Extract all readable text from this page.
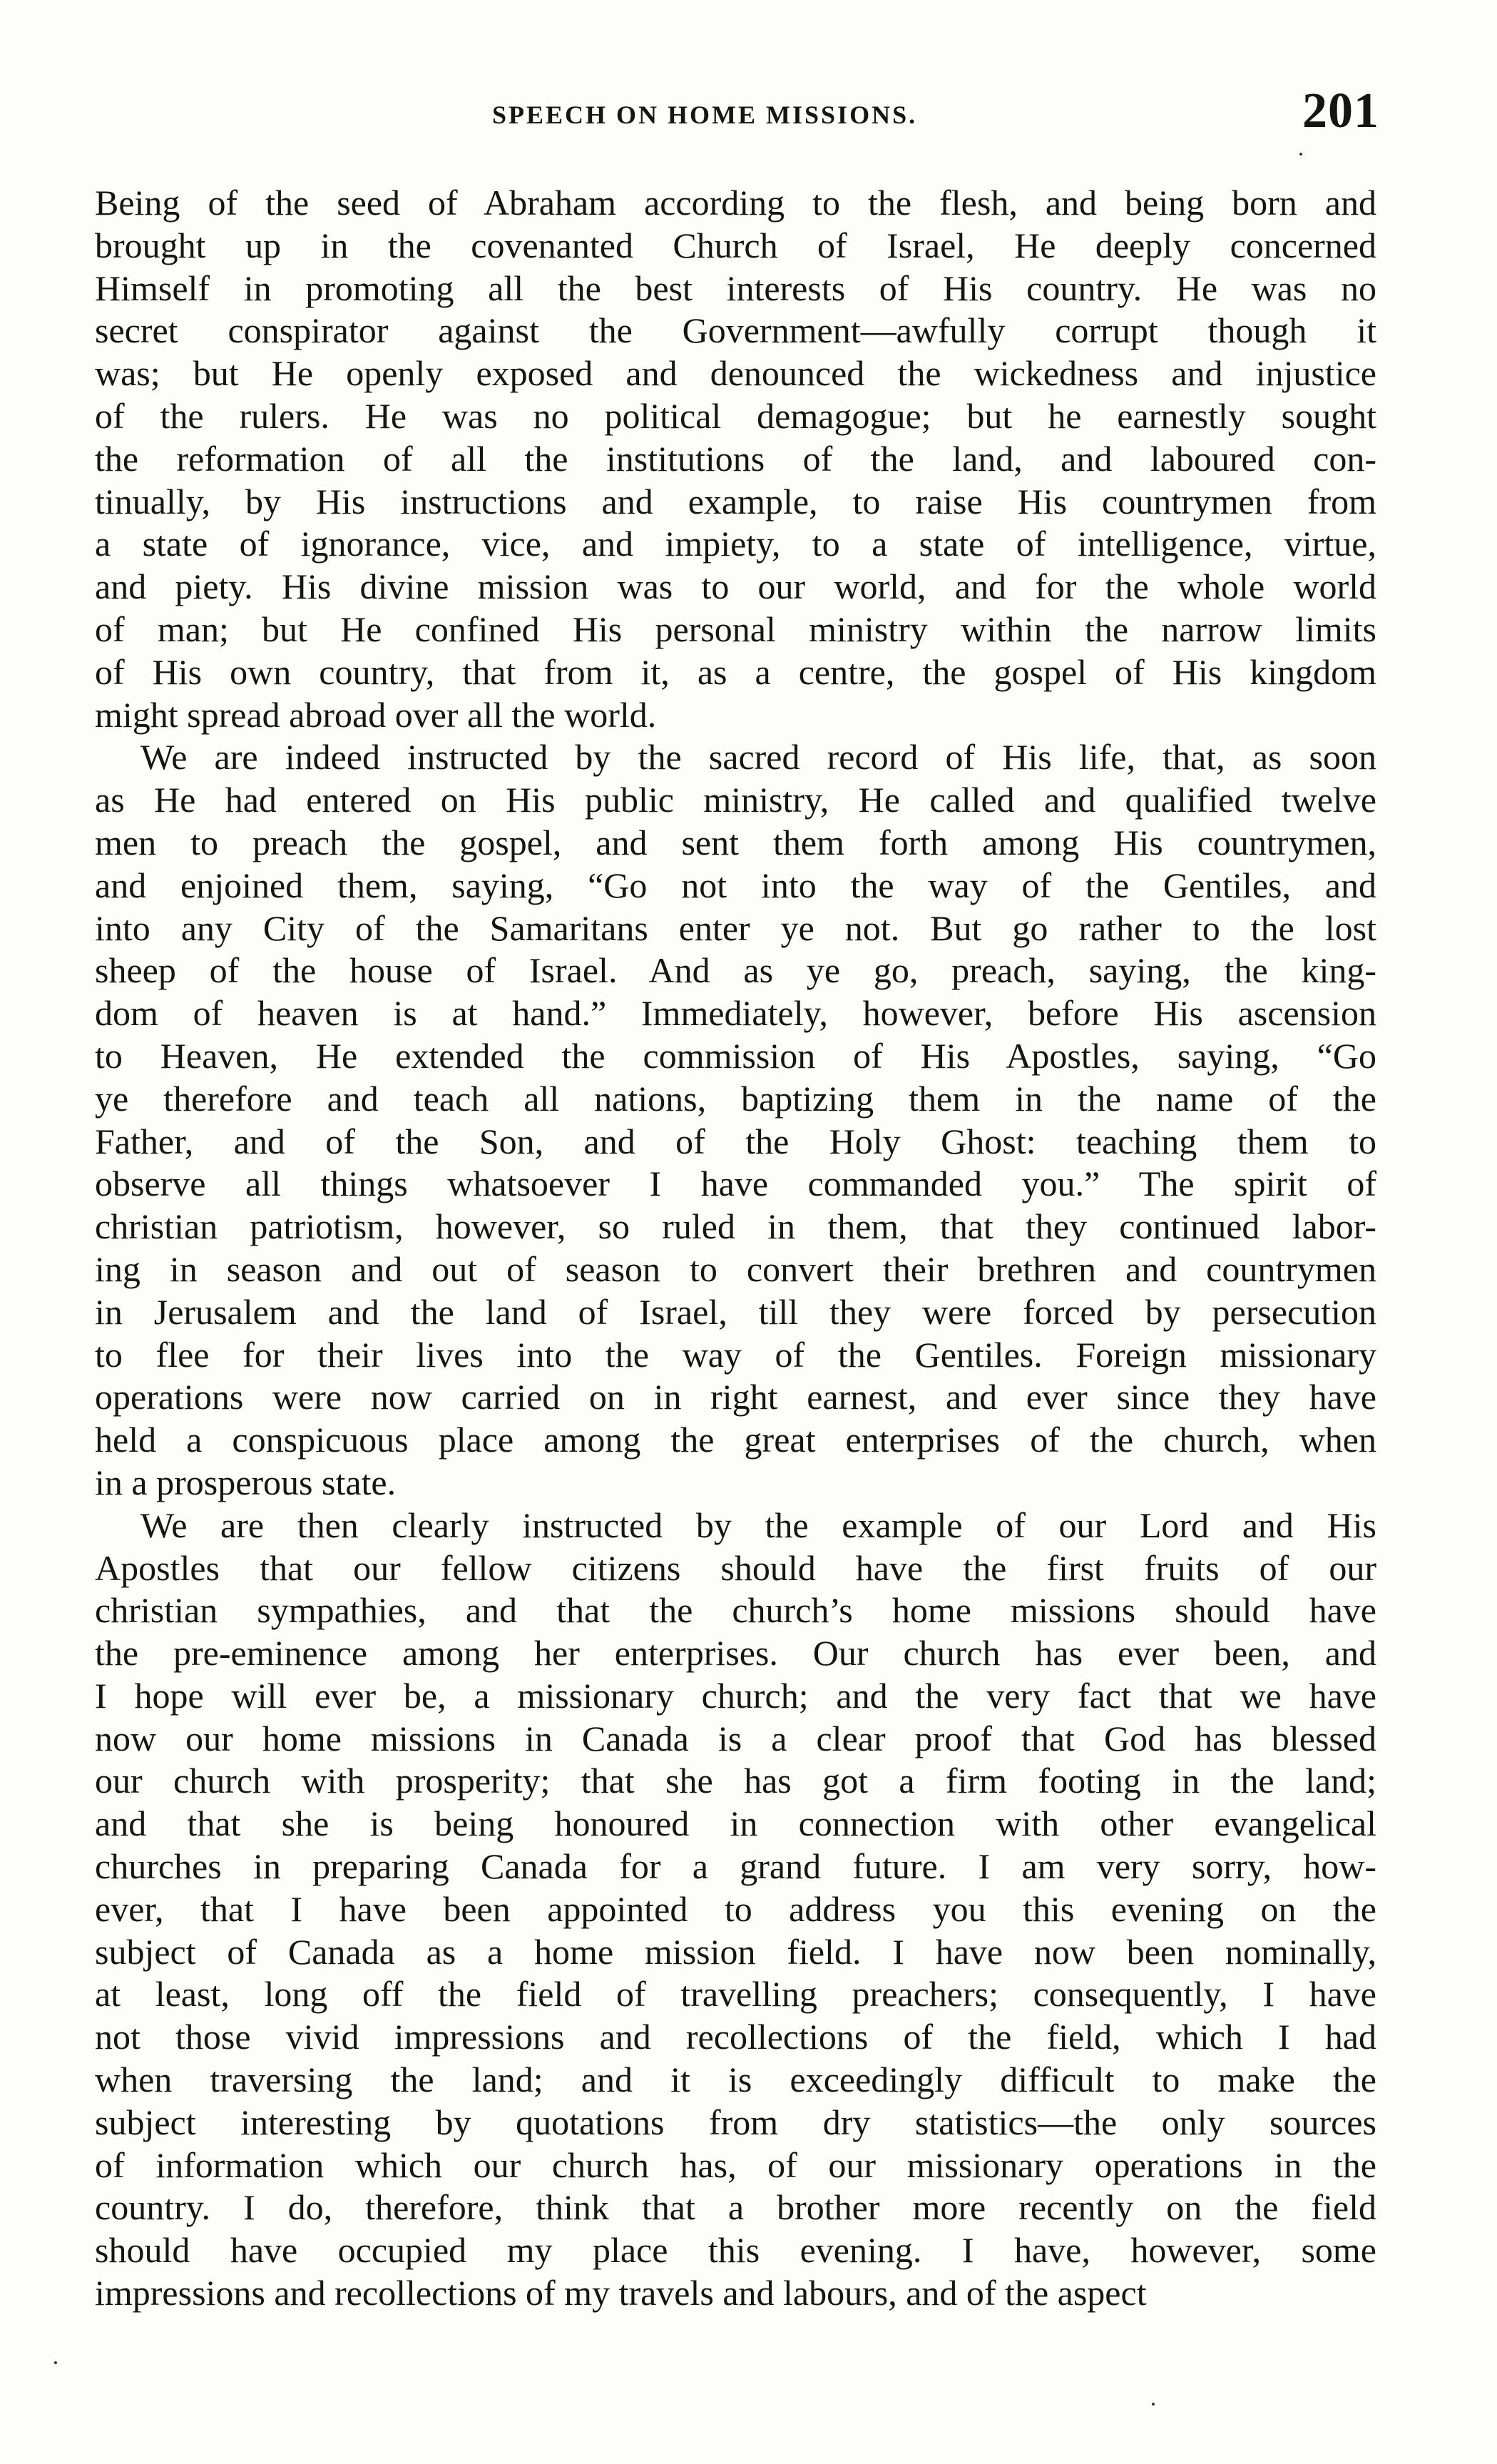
SPEECH ON HOME MISSIONS.	201
Being of the seed of Abraham according to the flesh, and being born and
brought up in the covenanted Church of Israel, He deeply concerned
Himself in promoting all the best interests of His country. He was no
secret conspirator against the Government—awfully corrupt though it
was; but He openly exposed and denounced the wickedness and injustice
of the rulers. He was no political demagogue; but he earnestly sought
the reformation of all the institutions of the land, and laboured con-
tinually, by His instructions and example, to raise His countrymen from
a state of ignorance, vice, and impiety, to a state of intelligence, virtue,
and piety. His divine mission was to our world, and for the whole world
of man; but He confined His personal ministry within the narrow limits
of His own country, that from it, as a centre, the gospel of His kingdom
might spread abroad over all the world.
We are indeed instructed by the sacred record of His life, that, as soon
as He had entered on His public ministry, He called and qualified twelve
men to preach the gospel, and sent them forth among His countrymen,
and enjoined them, saying, “Go not into the way of the Gentiles, and
into any City of the Samaritans enter ye not. But go rather to the lost
sheep of the house of Israel. And as ye go, preach, saying, the king-
dom of heaven is at hand.” Immediately, however, before His ascension
to Heaven, He extended the commission of His Apostles, saying, “Go
ye therefore and teach all nations, baptizing them in the name of the
Father, and of the Son, and of the Holy Ghost: teaching them to
observe all things whatsoever I have commanded you.” The spirit of
christian patriotism, however, so ruled in them, that they continued labor-
ing in season and out of season to convert their brethren and countrymen
in Jerusalem and the land of Israel, till they were forced by persecution
to flee for their lives into the way of the Gentiles. Foreign missionary
operations were now carried on in right earnest, and ever since they have
held a conspicuous place among the great enterprises of the church, when
in a prosperous state.
We are then clearly instructed by the example of our Lord and His
Apostles that our fellow citizens should have the first fruits of our
christian sympathies, and that the church’s home missions should have
the pre-eminence among her enterprises. Our church has ever been, and
I hope will ever be, a missionary church; and the very fact that we have
now our home missions in Canada is a clear proof that God has blessed
our church with prosperity; that she has got a firm footing in the land;
and that she is being honoured in connection with other evangelical
churches in preparing Canada for a grand future. I am very sorry, how-
ever, that I have been appointed to address you this evening on the
subject of Canada as a home mission field. I have now been nominally,
at least, long off the field of travelling preachers; consequently, I have
not those vivid impressions and recollections of the field, which I had
when traversing the land; and it is exceedingly difficult to make the
subject interesting by quotations from dry statistics—the only sources
of information which our church has, of our missionary operations in the
country. I do, therefore, think that a brother more recently on the field
should have occupied my place this evening. I have, however, some
impressions and recollections of my travels and labours, and of the aspect
